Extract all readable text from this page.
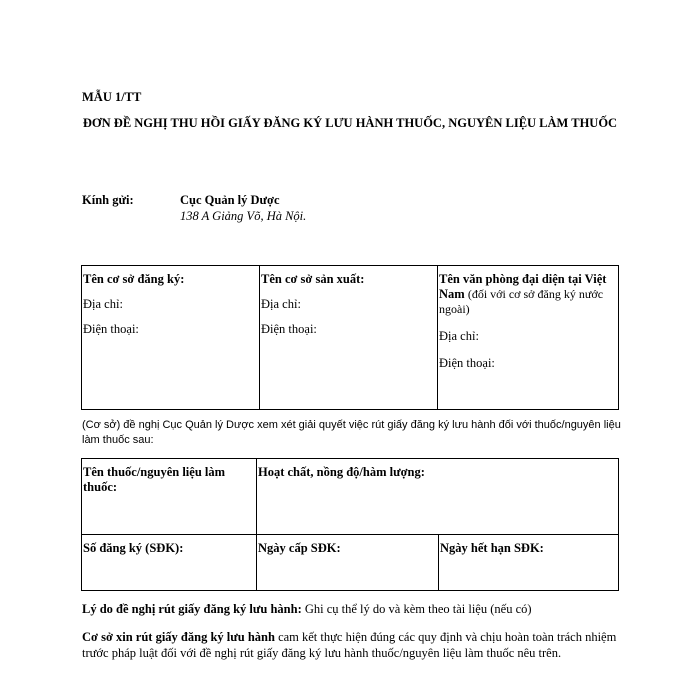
MẪU 1/TT
ĐƠN ĐỀ NGHỊ THU HỒI GIẤY ĐĂNG KÝ LƯU HÀNH THUỐC, NGUYÊN LIỆU LÀM THUỐC
Kính gửi:	Cục Quản lý Dược
138 A Giảng Võ, Hà Nội.
Tên cơ sở đăng ký:
Địa chỉ:
Điện thoại:

Tên cơ sở sản xuất:
Địa chỉ:
Điện thoại:

Tên văn phòng đại diện tại Việt Nam (đối với cơ sở đăng ký nước ngoài)
Địa chỉ:
Điện thoại:
(Cơ sở) đề nghị Cục Quản lý Dược xem xét giải quyết việc rút giấy đăng ký lưu hành đối với thuốc/nguyên liệu làm thuốc sau:
Tên thuốc/nguyên liệu làm thuốc:	Hoạt chất, nồng độ/hàm lượng:	

Số đăng ký (SĐK):	Ngày cấp SĐK:	Ngày hết hạn SĐK:
Lý do đề nghị rút giấy đăng ký lưu hành: Ghi cụ thể lý do và kèm theo tài liệu (nếu có)
Cơ sở xin rút giấy đăng ký lưu hành cam kết thực hiện đúng các quy định và chịu hoàn toàn trách nhiệm trước pháp luật đối với đề nghị rút giấy đăng ký lưu hành thuốc/nguyên liệu làm thuốc nêu trên.
